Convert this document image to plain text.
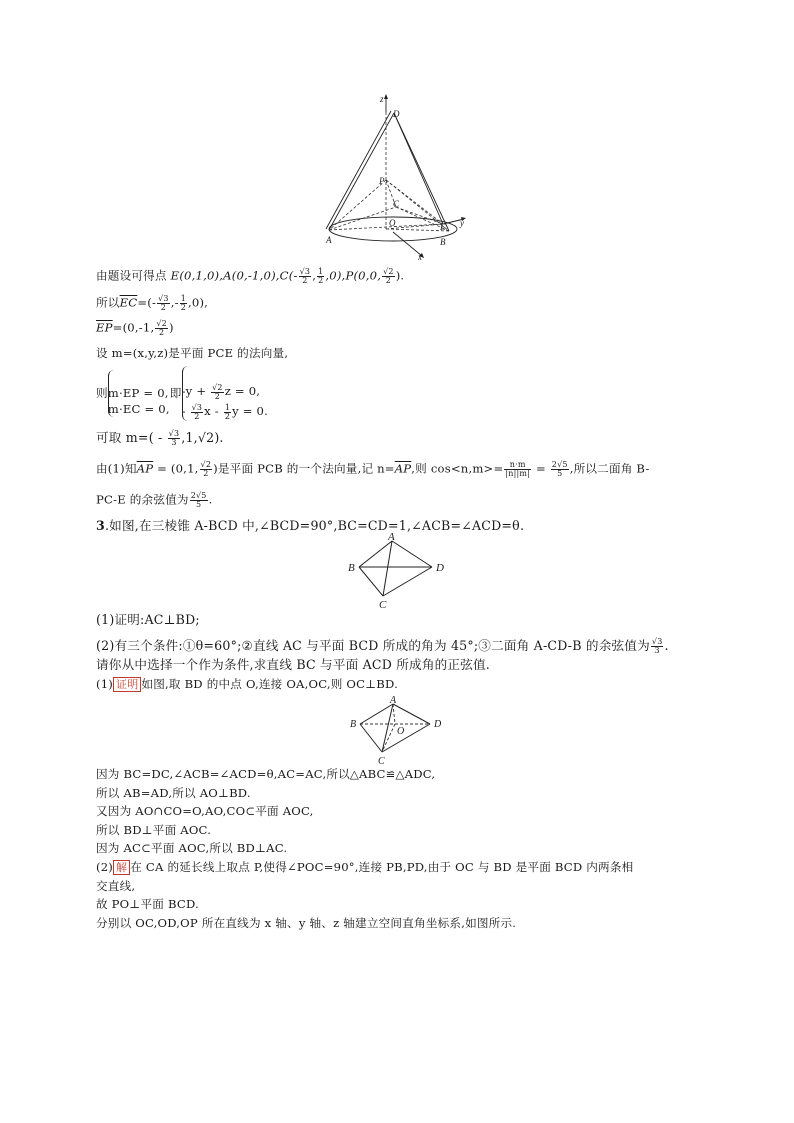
z
D
P
C
O	y
E
A	B
x
由题设可得点 $E(0,1,0),A(0,-1,0),C(- \frac{√3}{2}$ , $\frac{1}{2} ,0),P(0,0$, $\frac{√2}{2}$ ).
所以$\overline{EC}=(- \frac{√3}{2}$ ,- $\frac{1}{2} ,0$),
$\overline{EP}=(0,-1$, $\frac{√2}{2}$ )
设 m=(x,y,z)是平面 PCE 的法向量,
则 m·EP = 0,
m·EC = 0,
即 $-y + \frac{√2}{2}$ z = 0,
- $\frac{√3}{2}$ x - $\frac{1}{2}$ y = 0.
可取 $m=( - \frac{√3}{3} ,1,√2)$.
由(1)知$\overline{AP} = (0,1$, $\frac{√2}{2}$ )是平面 PCB 的一个法向量,记 $n=\overline{AP}$,则 $\cos<n,m>= \frac{n\cdot m}{|n||m|} = \frac{2√5}{5}$ ,所以二面角 B-
PC-E 的余弦值为 $\frac{2√5}{5}$ .
3.如图,在三棱锥 A-BCD 中,∠BCD=90°,BC=CD=1,∠ACB=∠ACD=θ.
A
B	D
C
(1)证明:AC⊥BD;
(2)有三个条件:①θ=60°;②直线 AC 与平面 BCD 所成的角为 45°;③二面角 A-CD-B 的余弦值为 $\frac{√3}{3}$ .
请你从中选择一个作为条件,求直线 BC 与平面 ACD 所成角的正弦值.
(1) 证明 如图,取 BD 的中点 O,连接 OA,OC,则 OC⊥BD.
A
B
O
D
C
因为 BC=DC,∠ACB=∠ACD=θ,AC=AC,所以△ABC≌△ADC,
所以 AB=AD,所以 AO⊥BD.
又因为 AO∩CO=O,AO,CO⊂平面 AOC,
所以 BD⊥平面 AOC.
因为 AC⊂平面 AOC,所以 BD⊥AC.
(2) 解 在 CA 的延长线上取点 P,使得∠POC=90°,连接 PB,PD,由于 OC 与 BD 是平面 BCD 内两条相
交直线,
故 PO⊥平面 BCD.
分别以 OC,OD,OP 所在直线为 x 轴、y 轴、z 轴建立空间直角坐标系,如图所示.
